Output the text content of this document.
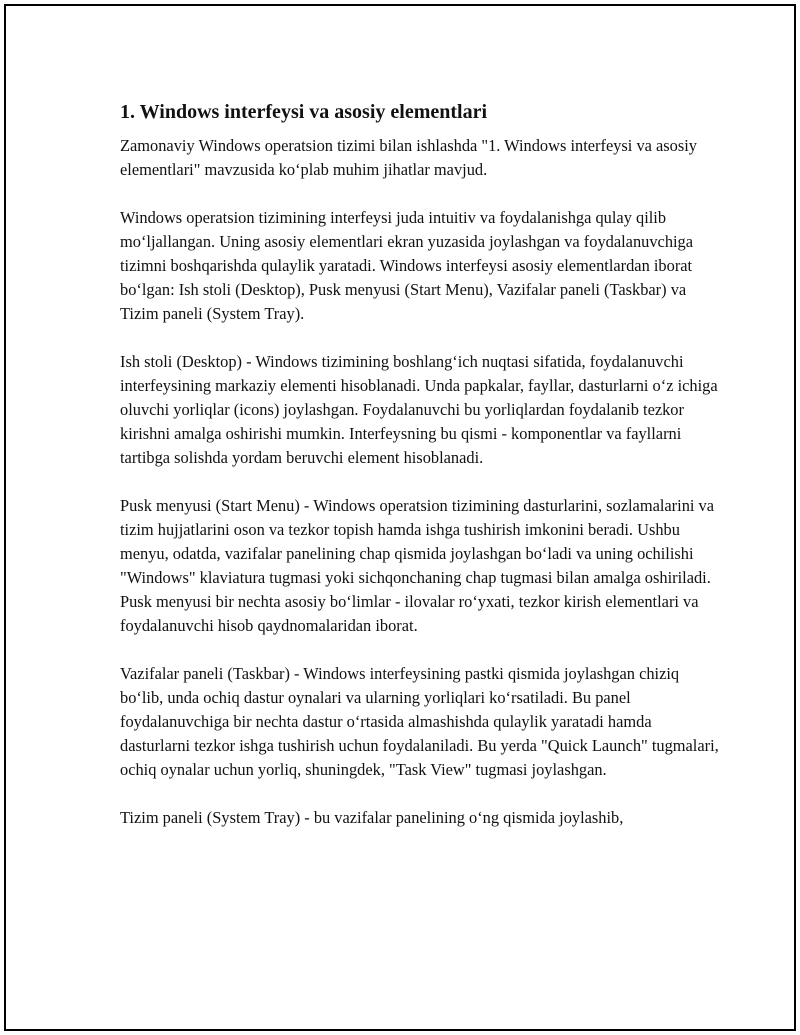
1. Windows interfeysi va asosiy elementlari

Zamonaviy Windows operatsion tizimi bilan ishlashda "1. Windows interfeysi va asosiy elementlari" mavzusida ko‘plab muhim jihatlar mavjud.

Windows operatsion tizimining interfeysi juda intuitiv va foydalanishga qulay qilib mo‘ljallangan. Uning asosiy elementlari ekran yuzasida joylashgan va foydalanuvchiga tizimni boshqarishda qulaylik yaratadi. Windows interfeysi asosiy elementlardan iborat bo‘lgan: Ish stoli (Desktop), Pusk menyusi (Start Menu), Vazifalar paneli (Taskbar) va Tizim paneli (System Tray).

Ish stoli (Desktop) - Windows tizimining boshlang‘ich nuqtasi sifatida, foydalanuvchi interfeysining markaziy elementi hisoblanadi. Unda papkalar, fayllar, dasturlarni o‘z ichiga oluvchi yorliqlar (icons) joylashgan. Foydalanuvchi bu yorliqlardan foydalanib tezkor kirishni amalga oshirishi mumkin. Interfeysning bu qismi - komponentlar va fayllarni tartibga solishda yordam beruvchi element hisoblanadi.

Pusk menyusi (Start Menu) - Windows operatsion tizimining dasturlarini, sozlamalarini va tizim hujjatlarini oson va tezkor topish hamda ishga tushirish imkonini beradi. Ushbu menyu, odatda, vazifalar panelining chap qismida joylashgan bo‘ladi va uning ochilishi "Windows" klaviatura tugmasi yoki sichqonchaning chap tugmasi bilan amalga oshiriladi. Pusk menyusi bir nechta asosiy bo‘limlar - ilovalar ro‘yxati, tezkor kirish elementlari va foydalanuvchi hisob qaydnomalaridan iborat.

Vazifalar paneli (Taskbar) - Windows interfeysining pastki qismida joylashgan chiziq bo‘lib, unda ochiq dastur oynalari va ularning yorliqlari ko‘rsatiladi. Bu panel foydalanuvchiga bir nechta dastur o‘rtasida almashishda qulaylik yaratadi hamda dasturlarni tezkor ishga tushirish uchun foydalaniladi. Bu yerda "Quick Launch" tugmalari, ochiq oynalar uchun yorliq, shuningdek, "Task View" tugmasi joylashgan.

Tizim paneli (System Tray) - bu vazifalar panelining o‘ng qismida joylashib,
